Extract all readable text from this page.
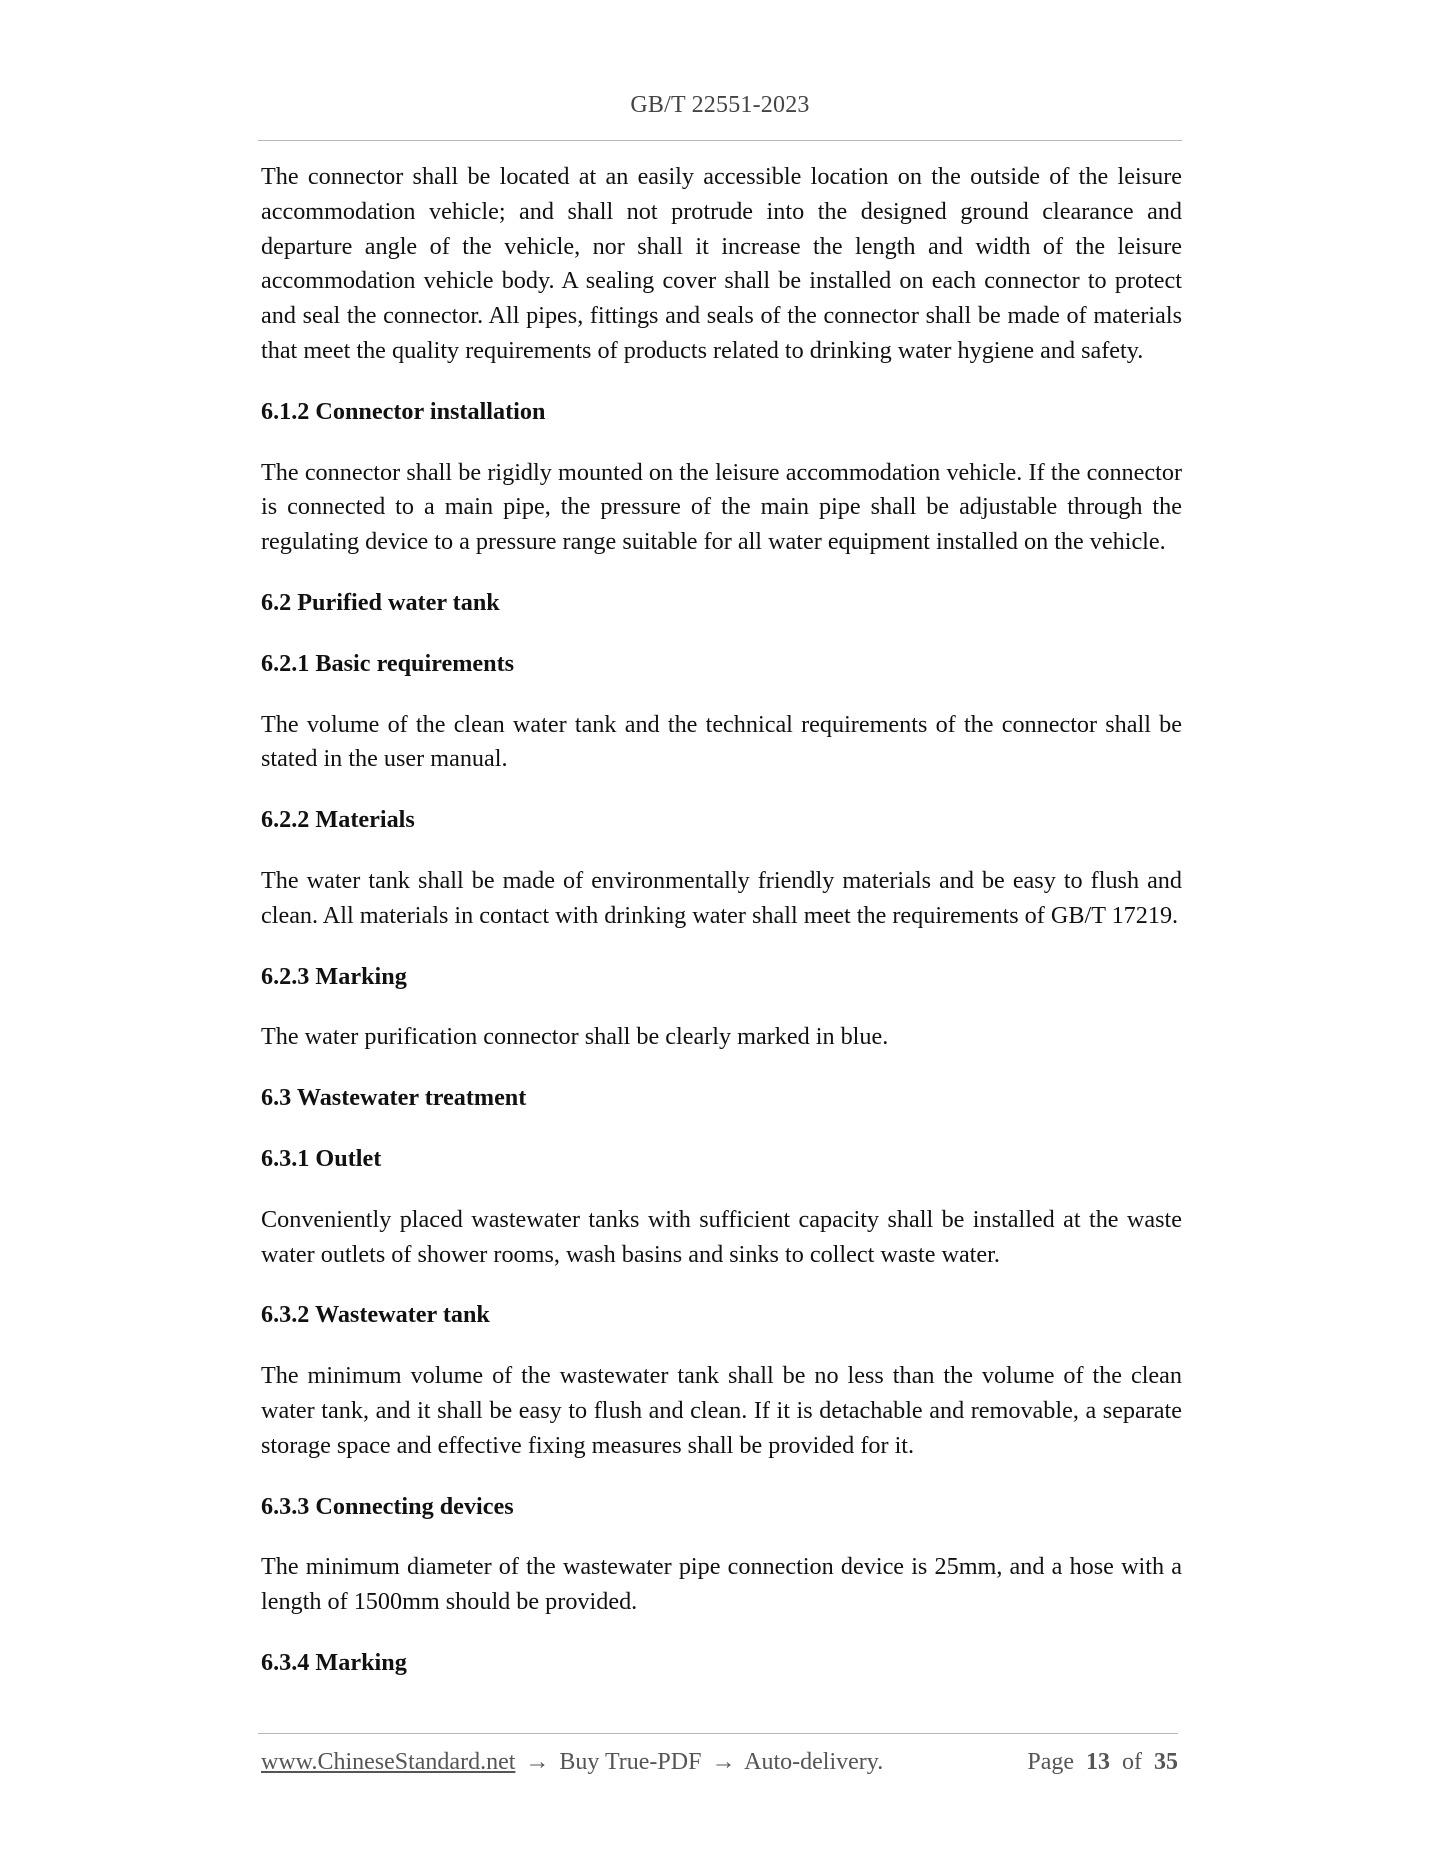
GB/T 22551-2023

The connector shall be located at an easily accessible location on the outside of the leisure accommodation vehicle; and shall not protrude into the designed ground clearance and departure angle of the vehicle, nor shall it increase the length and width of the leisure accommodation vehicle body. A sealing cover shall be installed on each connector to protect and seal the connector. All pipes, fittings and seals of the connector shall be made of materials that meet the quality requirements of products related to drinking water hygiene and safety.

6.1.2 Connector installation

The connector shall be rigidly mounted on the leisure accommodation vehicle. If the connector is connected to a main pipe, the pressure of the main pipe shall be adjustable through the regulating device to a pressure range suitable for all water equipment installed on the vehicle.

6.2 Purified water tank
6.2.1 Basic requirements

The volume of the clean water tank and the technical requirements of the connector shall be stated in the user manual.

6.2.2 Materials

The water tank shall be made of environmentally friendly materials and be easy to flush and clean. All materials in contact with drinking water shall meet the requirements of GB/T 17219.

6.2.3 Marking

The water purification connector shall be clearly marked in blue.

6.3 Wastewater treatment
6.3.1 Outlet

Conveniently placed wastewater tanks with sufficient capacity shall be installed at the waste water outlets of shower rooms, wash basins and sinks to collect waste water.

6.3.2 Wastewater tank

The minimum volume of the wastewater tank shall be no less than the volume of the clean water tank, and it shall be easy to flush and clean. If it is detachable and removable, a separate storage space and effective fixing measures shall be provided for it.

6.3.3 Connecting devices

The minimum diameter of the wastewater pipe connection device is 25mm, and a hose with a length of 1500mm should be provided.

6.3.4 Marking
www.ChineseStandard.net → Buy True-PDF → Auto-delivery.	Page 13 of 35
